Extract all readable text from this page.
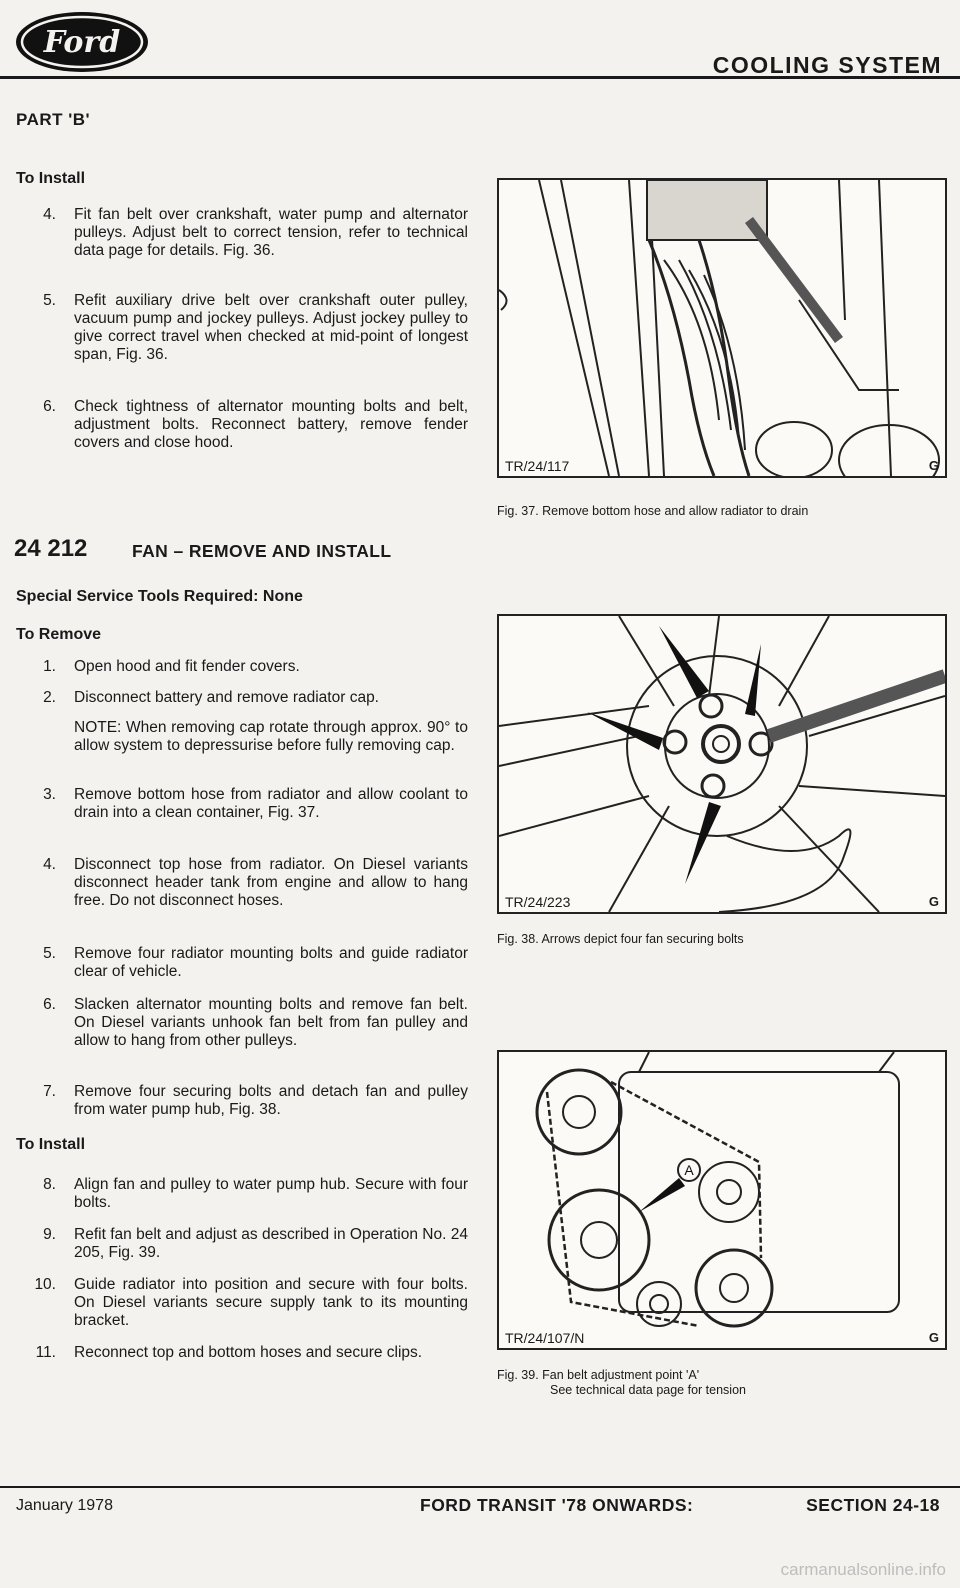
Ford
COOLING SYSTEM
PART 'B'
To Install
4. Fit fan belt over crankshaft, water pump and alternator pulleys. Adjust belt to correct tension, refer to technical data page for details. Fig. 36.
5. Refit auxiliary drive belt over crankshaft outer pulley, vacuum pump and jockey pulleys. Adjust jockey pulley to give correct travel when checked at mid-point of longest span, Fig. 36.
6. Check tightness of alternator mounting bolts and belt, adjustment bolts. Reconnect battery, remove fender covers and close hood.
24 212	FAN – REMOVE AND INSTALL
Special Service Tools Required: None
To Remove
1. Open hood and fit fender covers.
2. Disconnect battery and remove radiator cap.
NOTE: When removing cap rotate through approx. 90° to allow system to depressurise before fully removing cap.
3. Remove bottom hose from radiator and allow coolant to drain into a clean container, Fig. 37.
4. Disconnect top hose from radiator. On Diesel variants disconnect header tank from engine and allow to hang free. Do not disconnect hoses.
5. Remove four radiator mounting bolts and guide radiator clear of vehicle.
6. Slacken alternator mounting bolts and remove fan belt. On Diesel variants unhook fan belt from fan pulley and allow to hang from other pulleys.
7. Remove four securing bolts and detach fan and pulley from water pump hub, Fig. 38.
To Install
8. Align fan and pulley to water pump hub. Secure with four bolts.
9. Refit fan belt and adjust as described in Operation No. 24 205, Fig. 39.
10. Guide radiator into position and secure with four bolts. On Diesel variants secure supply tank to its mounting bracket.
11. Reconnect top and bottom hoses and secure clips.
TR/24/117	G
Fig. 37. Remove bottom hose and allow radiator to drain
TR/24/223	G
Fig. 38. Arrows depict four fan securing bolts
A
TR/24/107/N	G
Fig. 39. Fan belt adjustment point 'A'
See technical data page for tension
January 1978	FORD TRANSIT '78 ONWARDS:	SECTION 24-18
carmanualsonline.info
